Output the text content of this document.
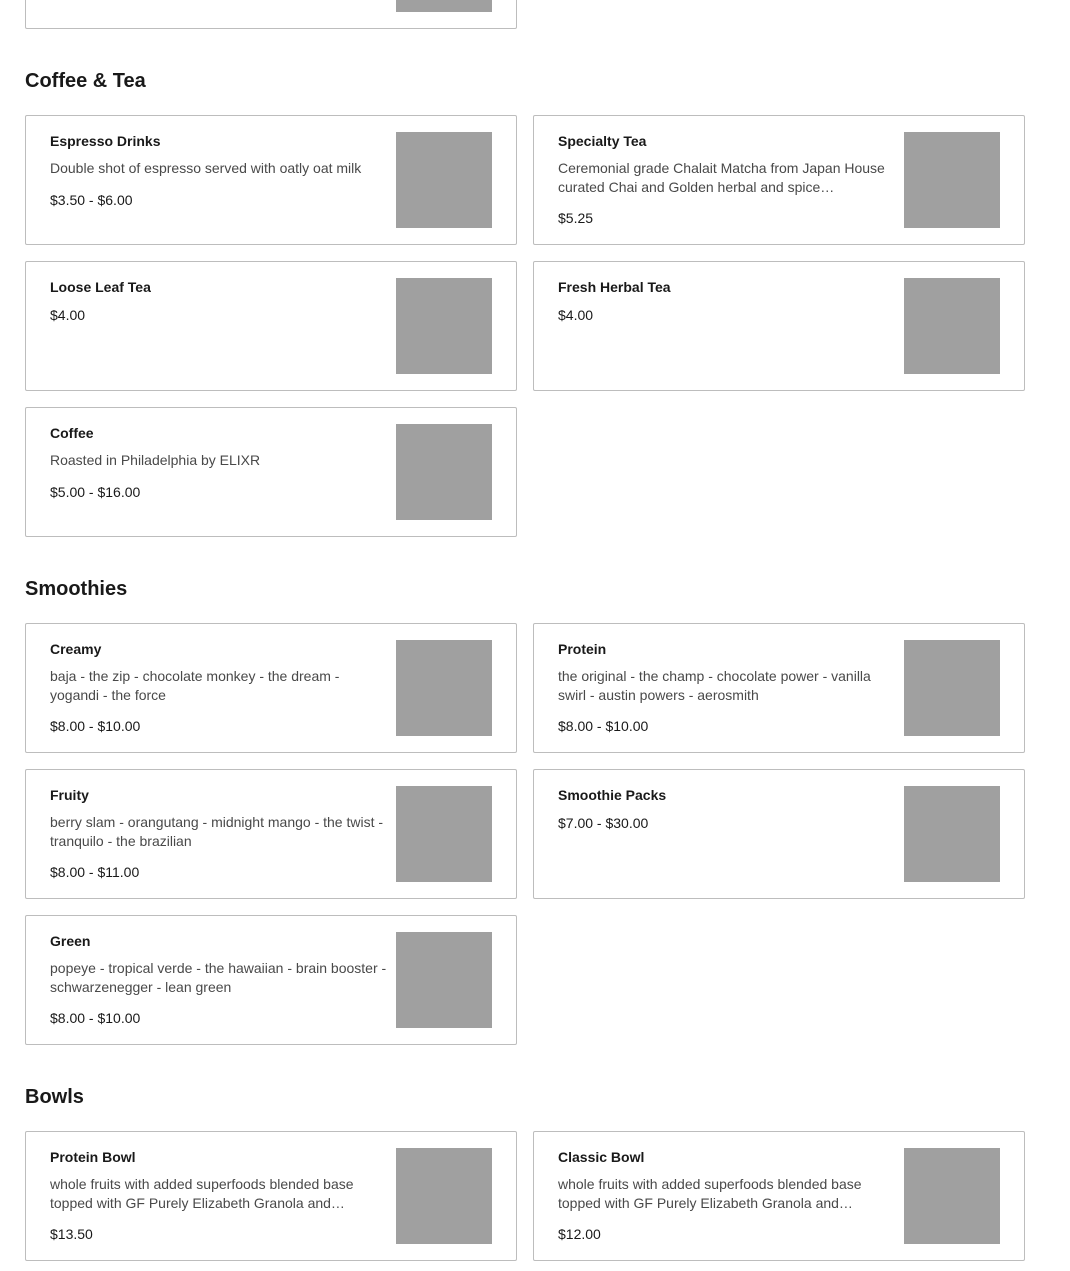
Coffee & Tea
Espresso Drinks
Double shot of espresso served with oatly oat milk
$3.50 - $6.00
Specialty Tea
Ceremonial grade Chalait Matcha from Japan House curated Chai and Golden herbal and spice…
$5.25
Loose Leaf Tea
$4.00
Fresh Herbal Tea
$4.00
Coffee
Roasted in Philadelphia by ELIXR
$5.00 - $16.00
Smoothies
Creamy
baja - the zip - chocolate monkey - the dream - yogandi - the force
$8.00 - $10.00
Protein
the original - the champ - chocolate power - vanilla swirl - austin powers - aerosmith
$8.00 - $10.00
Fruity
berry slam - orangutang - midnight mango - the twist - tranquilo - the brazilian
$8.00 - $11.00
Smoothie Packs
$7.00 - $30.00
Green
popeye - tropical verde - the hawaiian - brain booster - schwarzenegger - lean green
$8.00 - $10.00
Bowls
Protein Bowl
whole fruits with added superfoods blended base topped with GF Purely Elizabeth Granola and…
$13.50
Classic Bowl
whole fruits with added superfoods blended base topped with GF Purely Elizabeth Granola and…
$12.00
